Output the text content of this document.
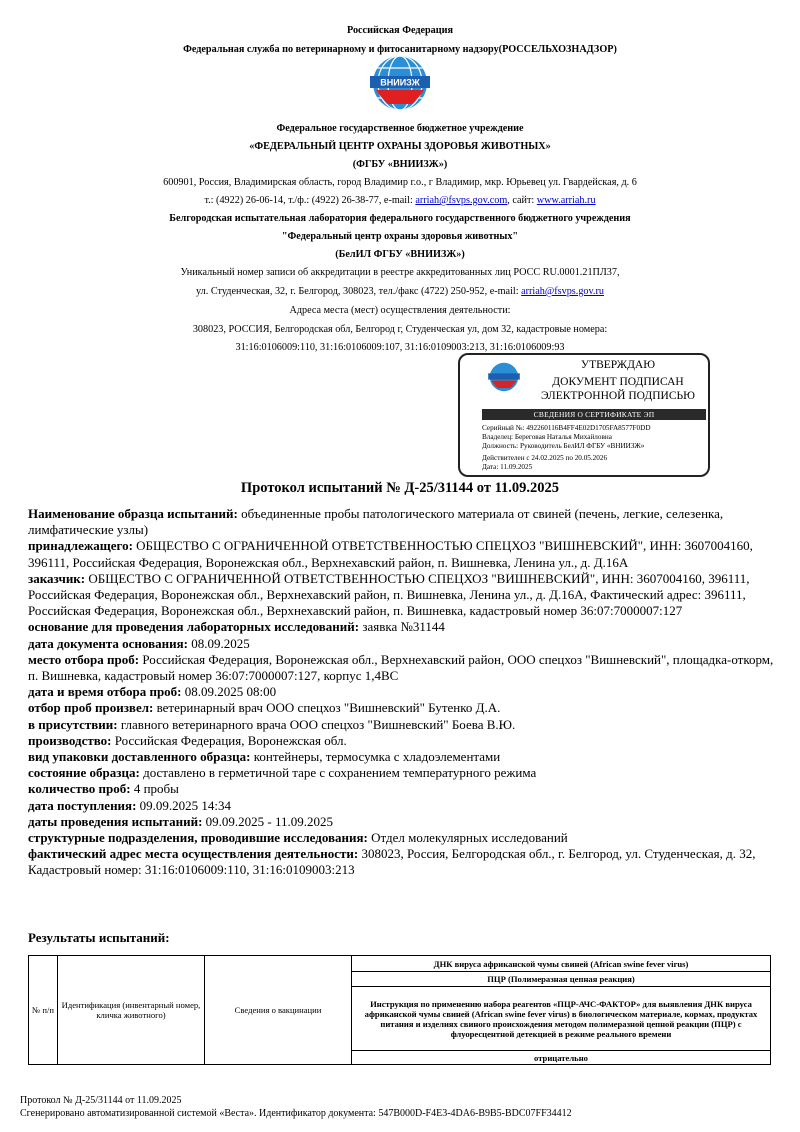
Российская Федерация
Федеральная служба по ветеринарному и фитосанитарному надзору(РОССЕЛЬХОЗНАДЗОР)
ВНИИЗЖ
Федеральное государственное бюджетное учреждение
«ФЕДЕРАЛЬНЫЙ ЦЕНТР ОХРАНЫ ЗДОРОВЬЯ ЖИВОТНЫХ»
(ФГБУ «ВНИИЗЖ»)
600901, Россия, Владимирская область, город Владимир г.о., г Владимир, мкр. Юрьевец ул. Гвардейская, д. 6
т.: (4922) 26-06-14, т./ф.: (4922) 26-38-77, e-mail: arriah@fsvps.gov.com, сайт: www.arriah.ru
Белгородская испытательная лаборатория федерального государственного бюджетного учреждения
"Федеральный центр охраны здоровья животных"
(БелИЛ ФГБУ «ВНИИЗЖ»)
Уникальный номер записи об аккредитации в реестре аккредитованных лиц РОСС RU.0001.21ПЛ37,
ул. Студенческая, 32, г. Белгород, 308023, тел./факс (4722) 250-952, e-mail: arriah@fsvps.gov.ru
Адреса места (мест) осуществления деятельности:
308023, РОССИЯ, Белгородская обл, Белгород г, Студенческая ул, дом 32, кадастровые номера:
31:16:0106009:110, 31:16:0106009:107, 31:16:0109003:213, 31:16:0106009:93
УТВЕРЖДАЮ
ДОКУМЕНТ ПОДПИСАН
ЭЛЕКТРОННОЙ ПОДПИСЬЮ
СВЕДЕНИЯ О СЕРТИФИКАТЕ ЭП
Серийный №: 492260116B4FF4E02D1705FA8577F0DD
Владелец: Береговая Наталья Михайловна
Должность: Руководитель БелИЛ ФГБУ «ВНИИЗЖ»
Действителен с 24.02.2025 по 20.05.2026
Дата: 11.09.2025
Протокол испытаний № Д-25/31144 от 11.09.2025

Наименование образца испытаний: объединенные пробы патологического материала от свиней (печень, легкие, селезенка, лимфатические узлы)

принадлежащего: ОБЩЕСТВО С ОГРАНИЧЕННОЙ ОТВЕТСТВЕННОСТЬЮ СПЕЦХОЗ "ВИШНЕВСКИЙ", ИНН: 3607004160, 396111, Российская Федерация, Воронежская обл., Верхнехавский район, п. Вишневка, Ленина ул., д. Д.16А

заказчик: ОБЩЕСТВО С ОГРАНИЧЕННОЙ ОТВЕТСТВЕННОСТЬЮ СПЕЦХОЗ "ВИШНЕВСКИЙ", ИНН: 3607004160, 396111, Российская Федерация, Воронежская обл., Верхнехавский район, п. Вишневка, Ленина ул., д. Д.16А, Фактический адрес: 396111, Российская Федерация, Воронежская обл., Верхнехавский район, п. Вишневка, кадастровый номер 36:07:7000007:127

основание для проведения лабораторных исследований: заявка №31144

дата документа основания: 08.09.2025

место отбора проб: Российская Федерация, Воронежская обл., Верхнехавский район, ООО спецхоз "Вишневский", площадка-откорм, п. Вишневка, кадастровый номер 36:07:7000007:127, корпус 1,4ВС

дата и время отбора проб: 08.09.2025 08:00

отбор проб произвел: ветеринарный врач ООО спецхоз "Вишневский" Бутенко Д.А.

в присутствии: главного ветеринарного врача ООО спецхоз "Вишневский" Боева В.Ю.

производство: Российская Федерация, Воронежская обл.

вид упаковки доставленного образца: контейнеры, термосумка с хладоэлементами

состояние образца: доставлено в герметичной таре с сохранением температурного режима

количество проб: 4 пробы

дата поступления: 09.09.2025 14:34

даты проведения испытаний: 09.09.2025 - 11.09.2025

структурные подразделения, проводившие исследования: Отдел молекулярных исследований

фактический адрес места осуществления деятельности: 308023, Россия, Белгородская обл., г. Белгород, ул. Студенческая, д. 32, Кадастровый номер: 31:16:0106009:110, 31:16:0109003:213

Результаты испытаний:
№ п/п	Идентификация (инвентарный номер, кличка животного)	Сведения о вакцинации	ДНК вируса африканской чумы свиней (African swine fever virus)
ПЦР (Полимеразная цепная реакция)
Инструкция по применению набора реагентов «ПЦР-АЧС-ФАКТОР» для выявления ДНК вируса африканской чумы свиней (African swine fever virus) в биологическом материале, кормах, продуктах питания и изделиях свиного происхождения методом полимеразной цепной реакции (ПЦР) с флуоресцентной детекцией в режиме реального времени
отрицательно
Протокол № Д-25/31144 от 11.09.2025
Сгенерировано автоматизированной системой «Веста». Идентификатор документа: 547B000D-F4E3-4DA6-B9B5-BDC07FF34412
